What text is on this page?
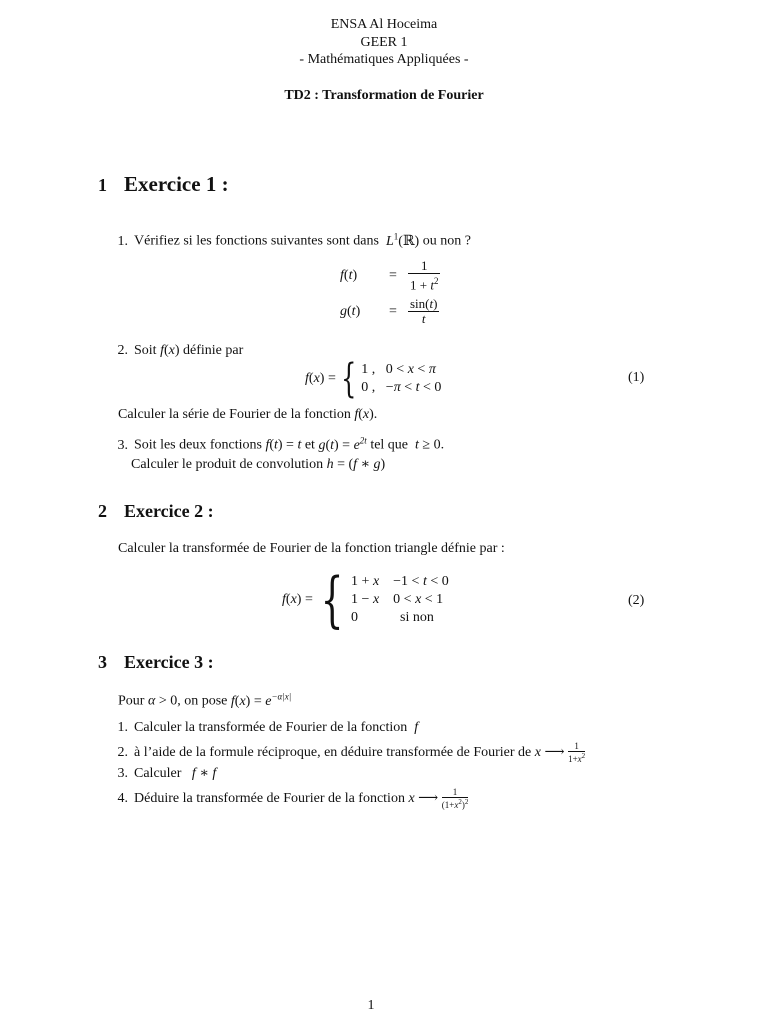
ENSA Al Hoceima
GEER 1
- Mathématiques Appliquées -
TD2 : Transformation de Fourier
1 Exercice 1 :
1. Vérifiez si les fonctions suivantes sont dans  $L^1(ℝ)$ ou non ?
f(t)	= $\frac{1}{1 + t^2}$
g(t)	= $\frac{\sin(t)}{t}$
2. Soit f(x) définie par
f(x) = { 1 ,   0 < x < π
0 ,   −π < t < 0
(1)
Calculer la série de Fourier de la fonction f(x).
3. Soit les deux fonctions f(t) = t et $g(t) = e^{2t}$ tel que  t ≥ 0.
Calculer le produit de convolution h = (f ∗ g)
2 Exercice 2 :
Calculer la transformée de Fourier de la fonction triangle défnie par :
f(x) = { 1 + x    −1 < t < 0
1 − x    0 < x < 1
0            si non
(2)
3 Exercice 3 :
Pour α > 0, on pose $f(x) = e^{-\alpha|x|}$
1. Calculer la transformée de Fourier de la fonction  f
2. à l’aide de la formule réciproque, en déduire transformée de Fourier de x ⟶ $\frac{1}{1+x^2}$
3. Calculer   f ∗ f
4. Déduire la transformée de Fourier de la fonction x ⟶ $\frac{1}{(1+x^2)^2}$
1
